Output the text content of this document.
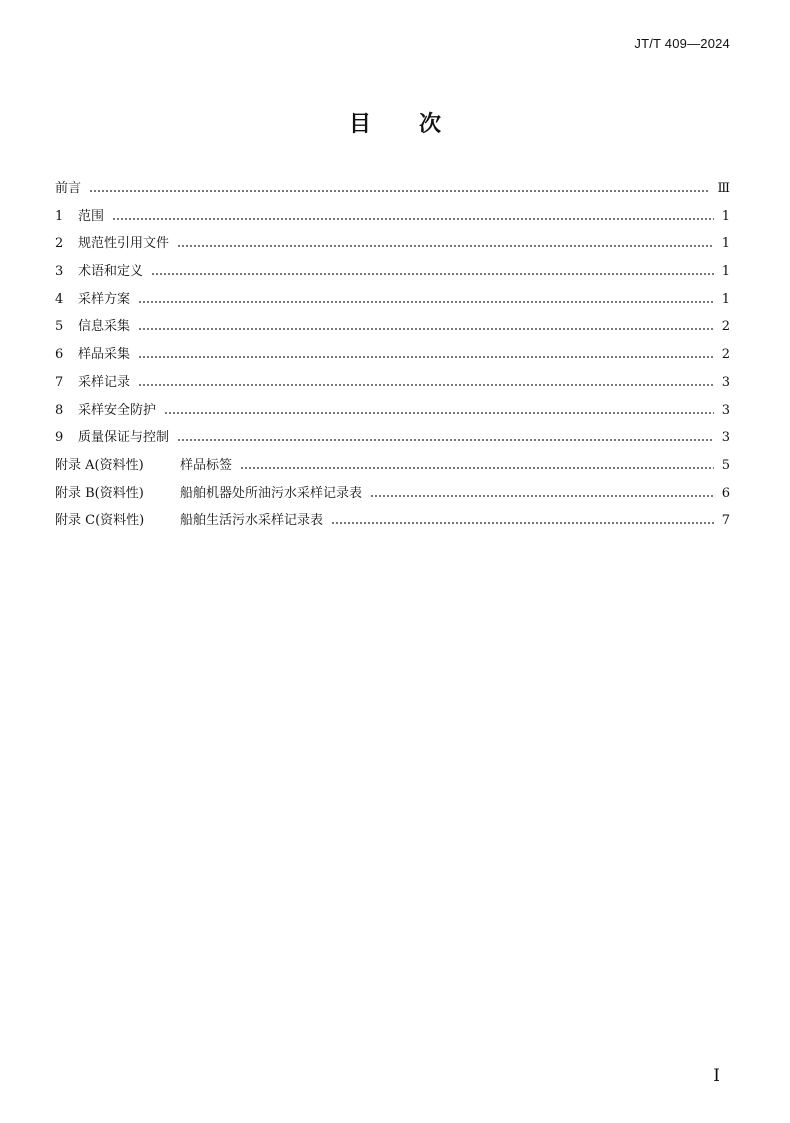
JT/T 409—2024
目次
前言	Ⅲ
1	范围	1
2	规范性引用文件	1
3	术语和定义	1
4	采样方案	1
5	信息采集	2
6	样品采集	2
7	采样记录	3
8	采样安全防护	3
9	质量保证与控制	3
附录 A(资料性)	样品标签	5
附录 B(资料性)	船舶机器处所油污水采样记录表	6
附录 C(资料性)	船舶生活污水采样记录表	7
I
